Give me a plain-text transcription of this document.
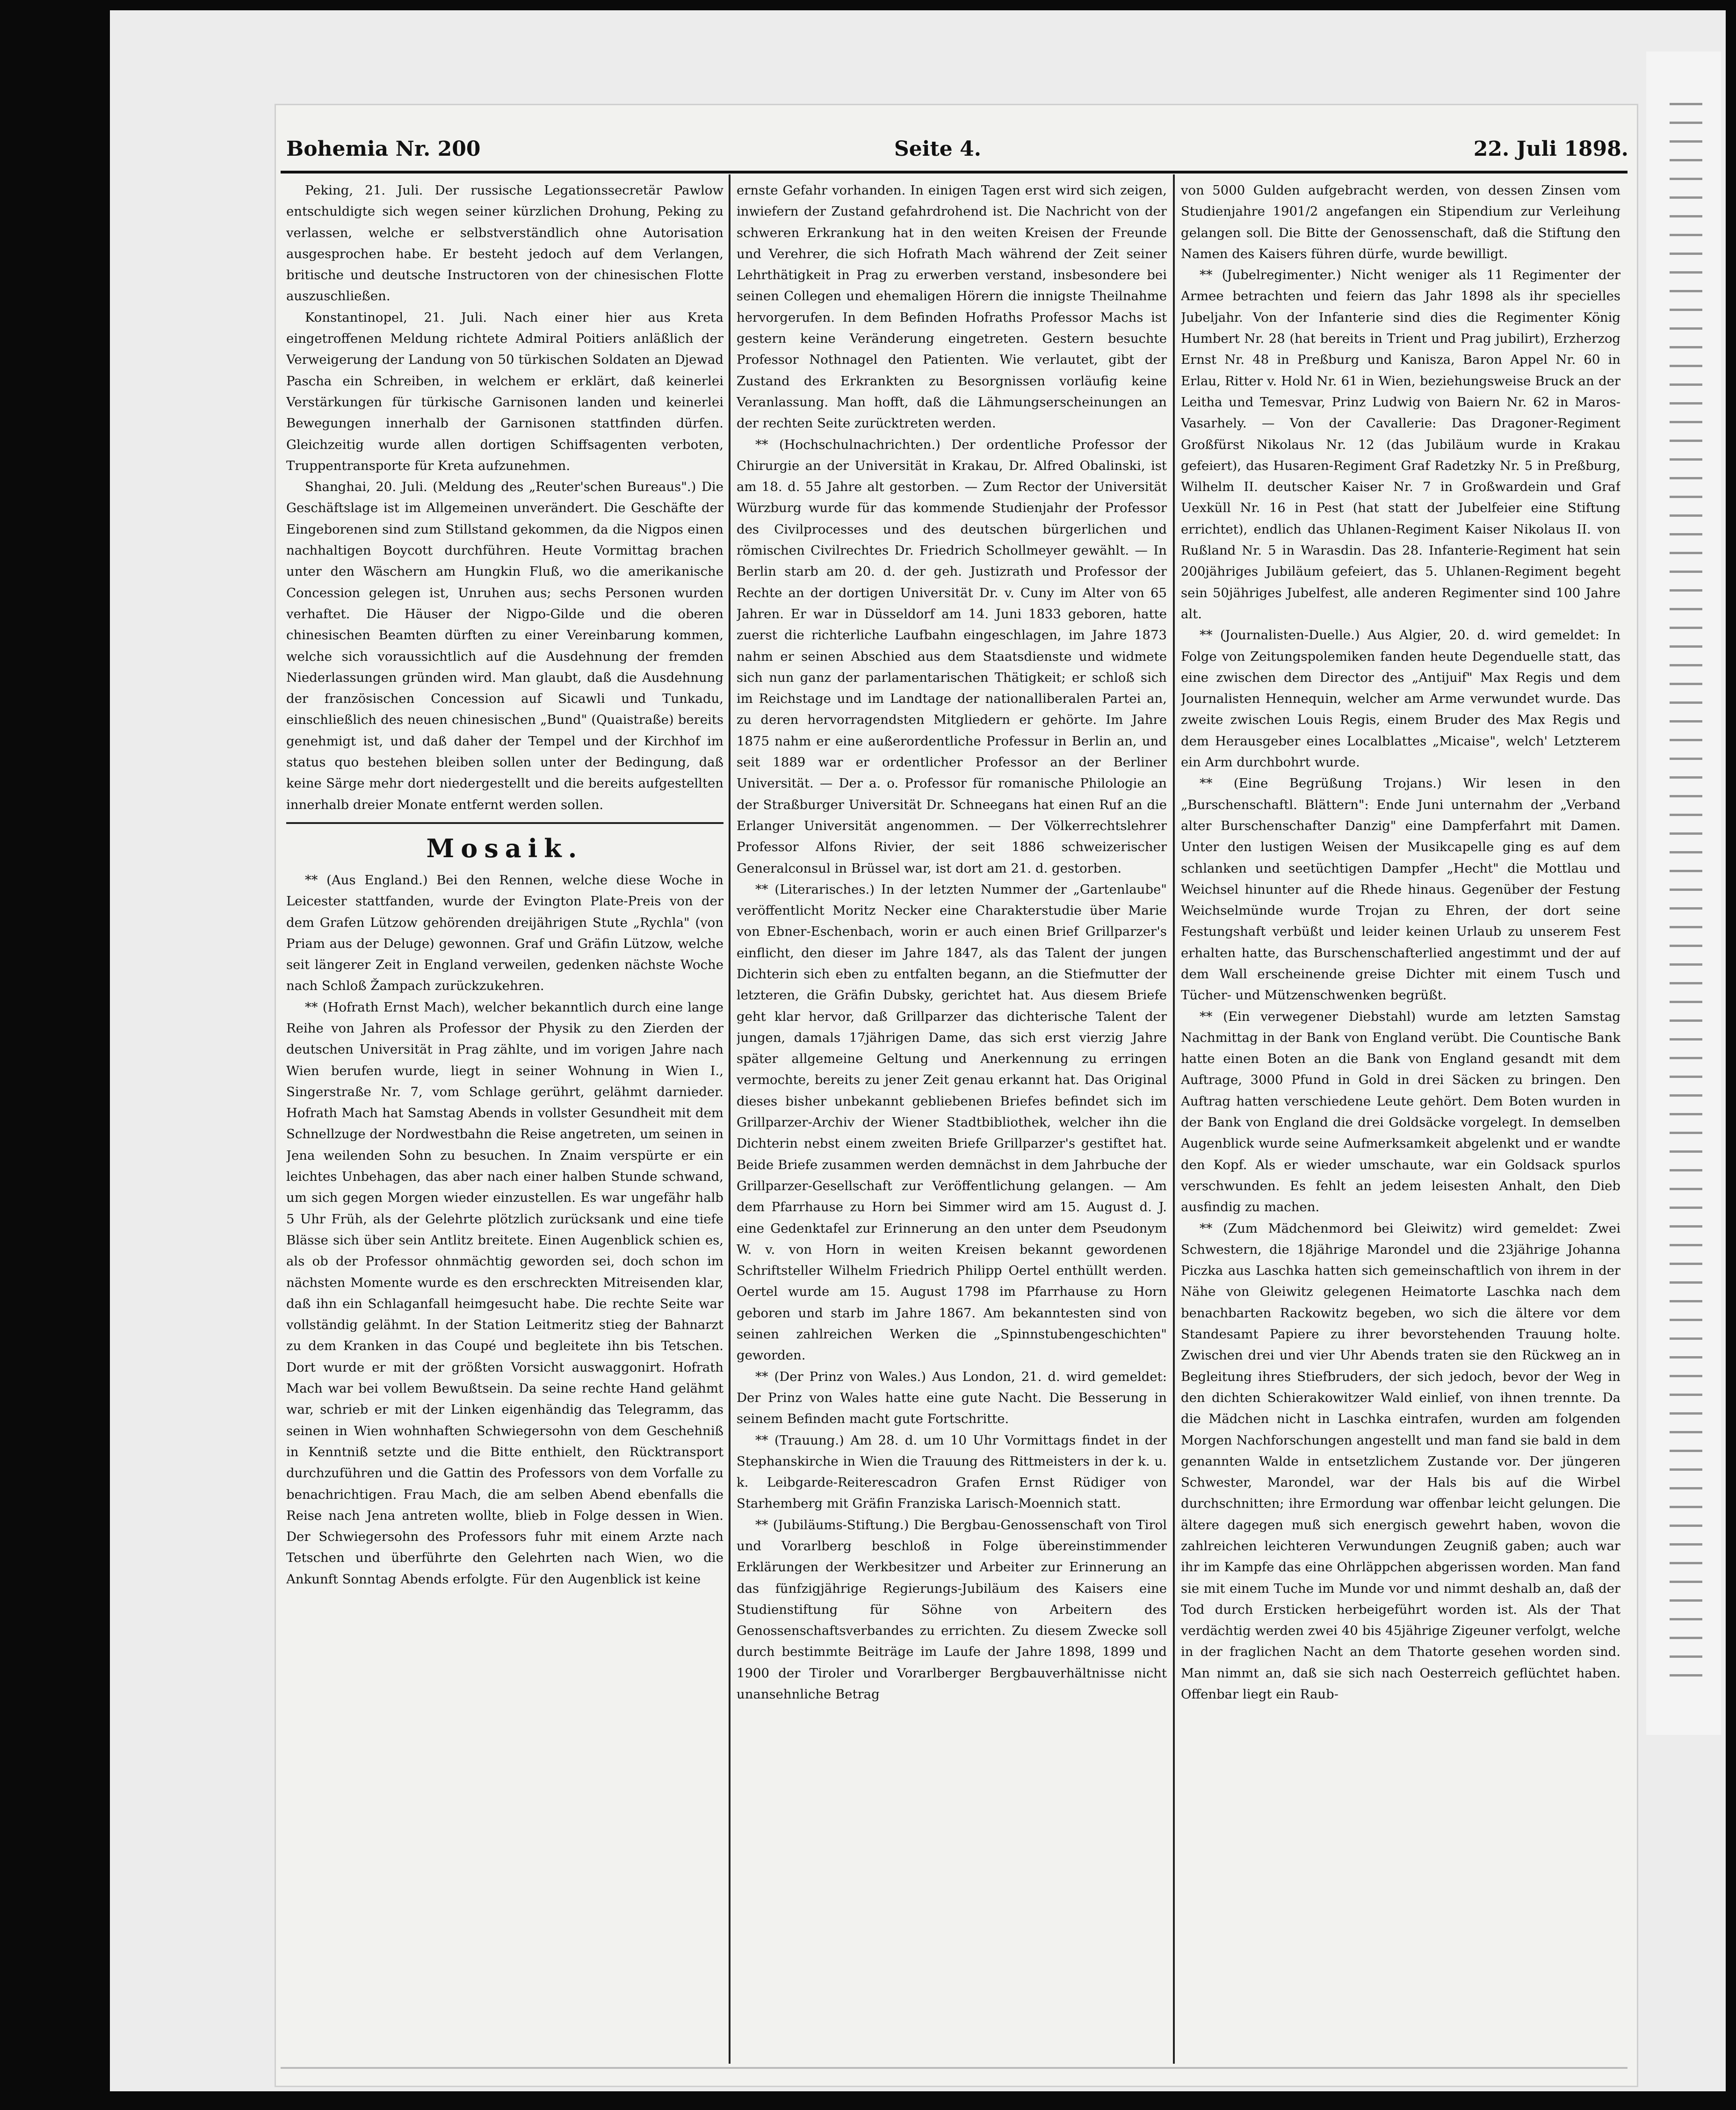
Bohemia Nr. 200	Seite 4.	22. Juli 1898.

Peking, 21. Juli. Der russische Legationssecretär Pawlow entschuldigte sich wegen seiner kürzlichen Drohung, Peking zu verlassen, welche er selbstverständlich ohne Autorisation ausgesprochen habe. Er besteht jedoch auf dem Verlangen, britische und deutsche Instructoren von der chinesischen Flotte auszuschließen.

Konstantinopel, 21. Juli. Nach einer hier aus Kreta eingetroffenen Meldung richtete Admiral Poitiers anläßlich der Verweigerung der Landung von 50 türkischen Soldaten an Djewad Pascha ein Schreiben, in welchem er erklärt, daß keinerlei Verstärkungen für türkische Garnisonen landen und keinerlei Bewegungen innerhalb der Garnisonen stattfinden dürfen. Gleichzeitig wurde allen dortigen Schiffsagenten verboten, Truppentransporte für Kreta aufzunehmen.

Shanghai, 20. Juli. (Meldung des „Reuter'schen Bureaus".) Die Geschäftslage ist im Allgemeinen unverändert. Die Geschäfte der Eingeborenen sind zum Stillstand gekommen, da die Nigpos einen nachhaltigen Boycott durchführen. Heute Vormittag brachen unter den Wäschern am Hungkin Fluß, wo die amerikanische Concession gelegen ist, Unruhen aus; sechs Personen wurden verhaftet. Die Häuser der Nigpo-Gilde und die oberen chinesischen Beamten dürften zu einer Vereinbarung kommen, welche sich voraussichtlich auf die Ausdehnung der fremden Niederlassungen gründen wird. Man glaubt, daß die Ausdehnung der französischen Concession auf Sicawli und Tunkadu, einschließlich des neuen chinesischen „Bund" (Quaistraße) bereits genehmigt ist, und daß daher der Tempel und der Kirchhof im status quo bestehen bleiben sollen unter der Bedingung, daß keine Särge mehr dort niedergestellt und die bereits aufgestellten innerhalb dreier Monate entfernt werden sollen.

Mosaik.

** (Aus England.) Bei den Rennen, welche diese Woche in Leicester stattfanden, wurde der Evington Plate-Preis von der dem Grafen Lützow gehörenden dreijährigen Stute „Rychla" (von Priam aus der Deluge) gewonnen. Graf und Gräfin Lützow, welche seit längerer Zeit in England verweilen, gedenken nächste Woche nach Schloß Žampach zurückzukehren.

** (Hofrath Ernst Mach), welcher bekanntlich durch eine lange Reihe von Jahren als Professor der Physik zu den Zierden der deutschen Universität in Prag zählte, und im vorigen Jahre nach Wien berufen wurde, liegt in seiner Wohnung in Wien I., Singerstraße Nr. 7, vom Schlage gerührt, gelähmt darnieder. Hofrath Mach hat Samstag Abends in vollster Gesundheit mit dem Schnellzuge der Nordwestbahn die Reise angetreten, um seinen in Jena weilenden Sohn zu besuchen. In Znaim verspürte er ein leichtes Unbehagen, das aber nach einer halben Stunde schwand, um sich gegen Morgen wieder einzustellen. Es war ungefähr halb 5 Uhr Früh, als der Gelehrte plötzlich zurücksank und eine tiefe Blässe sich über sein Antlitz breitete. Einen Augenblick schien es, als ob der Professor ohnmächtig geworden sei, doch schon im nächsten Momente wurde es den erschreckten Mitreisenden klar, daß ihn ein Schlaganfall heimgesucht habe. Die rechte Seite war vollständig gelähmt. In der Station Leitmeritz stieg der Bahnarzt zu dem Kranken in das Coupé und begleitete ihn bis Tetschen. Dort wurde er mit der größten Vorsicht auswaggonirt. Hofrath Mach war bei vollem Bewußtsein. Da seine rechte Hand gelähmt war, schrieb er mit der Linken eigenhändig das Telegramm, das seinen in Wien wohnhaften Schwiegersohn von dem Geschehniß in Kenntniß setzte und die Bitte enthielt, den Rücktransport durchzuführen und die Gattin des Professors von dem Vorfalle zu benachrichtigen. Frau Mach, die am selben Abend ebenfalls die Reise nach Jena antreten wollte, blieb in Folge dessen in Wien. Der Schwiegersohn des Professors fuhr mit einem Arzte nach Tetschen und überführte den Gelehrten nach Wien, wo die Ankunft Sonntag Abends erfolgte. Für den Augenblick ist keine

ernste Gefahr vorhanden. In einigen Tagen erst wird sich zeigen, inwiefern der Zustand gefahrdrohend ist. Die Nachricht von der schweren Erkrankung hat in den weiten Kreisen der Freunde und Verehrer, die sich Hofrath Mach während der Zeit seiner Lehrthätigkeit in Prag zu erwerben verstand, insbesondere bei seinen Collegen und ehemaligen Hörern die innigste Theilnahme hervorgerufen. In dem Befinden Hofraths Professor Machs ist gestern keine Veränderung eingetreten. Gestern besuchte Professor Nothnagel den Patienten. Wie verlautet, gibt der Zustand des Erkrankten zu Besorgnissen vorläufig keine Veranlassung. Man hofft, daß die Lähmungserscheinungen an der rechten Seite zurücktreten werden.

** (Hochschulnachrichten.) Der ordentliche Professor der Chirurgie an der Universität in Krakau, Dr. Alfred Obalinski, ist am 18. d. 55 Jahre alt gestorben. — Zum Rector der Universität Würzburg wurde für das kommende Studienjahr der Professor des Civilprocesses und des deutschen bürgerlichen und römischen Civilrechtes Dr. Friedrich Schollmeyer gewählt. — In Berlin starb am 20. d. der geh. Justizrath und Professor der Rechte an der dortigen Universität Dr. v. Cuny im Alter von 65 Jahren. Er war in Düsseldorf am 14. Juni 1833 geboren, hatte zuerst die richterliche Laufbahn eingeschlagen, im Jahre 1873 nahm er seinen Abschied aus dem Staatsdienste und widmete sich nun ganz der parlamentarischen Thätigkeit; er schloß sich im Reichstage und im Landtage der nationalliberalen Partei an, zu deren hervorragendsten Mitgliedern er gehörte. Im Jahre 1875 nahm er eine außerordentliche Professur in Berlin an, und seit 1889 war er ordentlicher Professor an der Berliner Universität. — Der a. o. Professor für romanische Philologie an der Straßburger Universität Dr. Schneegans hat einen Ruf an die Erlanger Universität angenommen. — Der Völkerrechtslehrer Professor Alfons Rivier, der seit 1886 schweizerischer Generalconsul in Brüssel war, ist dort am 21. d. gestorben.

** (Literarisches.) In der letzten Nummer der „Gartenlaube" veröffentlicht Moritz Necker eine Charakterstudie über Marie von Ebner-Eschenbach, worin er auch einen Brief Grillparzer's einflicht, den dieser im Jahre 1847, als das Talent der jungen Dichterin sich eben zu entfalten begann, an die Stiefmutter der letzteren, die Gräfin Dubsky, gerichtet hat. Aus diesem Briefe geht klar hervor, daß Grillparzer das dichterische Talent der jungen, damals 17jährigen Dame, das sich erst vierzig Jahre später allgemeine Geltung und Anerkennung zu erringen vermochte, bereits zu jener Zeit genau erkannt hat. Das Original dieses bisher unbekannt gebliebenen Briefes befindet sich im Grillparzer-Archiv der Wiener Stadtbibliothek, welcher ihn die Dichterin nebst einem zweiten Briefe Grillparzer's gestiftet hat. Beide Briefe zusammen werden demnächst in dem Jahrbuche der Grillparzer-Gesellschaft zur Veröffentlichung gelangen. — Am dem Pfarrhause zu Horn bei Simmer wird am 15. August d. J. eine Gedenktafel zur Erinnerung an den unter dem Pseudonym W. v. von Horn in weiten Kreisen bekannt gewordenen Schriftsteller Wilhelm Friedrich Philipp Oertel enthüllt werden. Oertel wurde am 15. August 1798 im Pfarrhause zu Horn geboren und starb im Jahre 1867. Am bekanntesten sind von seinen zahlreichen Werken die „Spinnstubengeschichten" geworden.

** (Der Prinz von Wales.) Aus London, 21. d. wird gemeldet: Der Prinz von Wales hatte eine gute Nacht. Die Besserung in seinem Befinden macht gute Fortschritte.

** (Trauung.) Am 28. d. um 10 Uhr Vormittags findet in der Stephanskirche in Wien die Trauung des Rittmeisters in der k. u. k. Leibgarde-Reiterescadron Grafen Ernst Rüdiger von Starhemberg mit Gräfin Franziska Larisch-Moennich statt.

** (Jubiläums-Stiftung.) Die Bergbau-Genossenschaft von Tirol und Vorarlberg beschloß in Folge übereinstimmender Erklärungen der Werkbesitzer und Arbeiter zur Erinnerung an das fünfzigjährige Regierungs-Jubiläum des Kaisers eine Studienstiftung für Söhne von Arbeitern des Genossenschaftsverbandes zu errichten. Zu diesem Zwecke soll durch bestimmte Beiträge im Laufe der Jahre 1898, 1899 und 1900 der Tiroler und Vorarlberger Bergbauverhältnisse nicht unansehnliche Betrag

von 5000 Gulden aufgebracht werden, von dessen Zinsen vom Studienjahre 1901/2 angefangen ein Stipendium zur Verleihung gelangen soll. Die Bitte der Genossenschaft, daß die Stiftung den Namen des Kaisers führen dürfe, wurde bewilligt.

** (Jubelregimenter.) Nicht weniger als 11 Regimenter der Armee betrachten und feiern das Jahr 1898 als ihr specielles Jubeljahr. Von der Infanterie sind dies die Regimenter König Humbert Nr. 28 (hat bereits in Trient und Prag jubilirt), Erzherzog Ernst Nr. 48 in Preßburg und Kanisza, Baron Appel Nr. 60 in Erlau, Ritter v. Hold Nr. 61 in Wien, beziehungsweise Bruck an der Leitha und Temesvar, Prinz Ludwig von Baiern Nr. 62 in Maros-Vasarhely. — Von der Cavallerie: Das Dragoner-Regiment Großfürst Nikolaus Nr. 12 (das Jubiläum wurde in Krakau gefeiert), das Husaren-Regiment Graf Radetzky Nr. 5 in Preßburg, Wilhelm II. deutscher Kaiser Nr. 7 in Großwardein und Graf Uexküll Nr. 16 in Pest (hat statt der Jubelfeier eine Stiftung errichtet), endlich das Uhlanen-Regiment Kaiser Nikolaus II. von Rußland Nr. 5 in Warasdin. Das 28. Infanterie-Regiment hat sein 200jähriges Jubiläum gefeiert, das 5. Uhlanen-Regiment begeht sein 50jähriges Jubelfest, alle anderen Regimenter sind 100 Jahre alt.

** (Journalisten-Duelle.) Aus Algier, 20. d. wird gemeldet: In Folge von Zeitungspolemiken fanden heute Degenduelle statt, das eine zwischen dem Director des „Antijuif" Max Regis und dem Journalisten Hennequin, welcher am Arme verwundet wurde. Das zweite zwischen Louis Regis, einem Bruder des Max Regis und dem Herausgeber eines Localblattes „Micaise", welch' Letzterem ein Arm durchbohrt wurde.

** (Eine Begrüßung Trojans.) Wir lesen in den „Burschenschaftl. Blättern": Ende Juni unternahm der „Verband alter Burschenschafter Danzig" eine Dampferfahrt mit Damen. Unter den lustigen Weisen der Musikcapelle ging es auf dem schlanken und seetüchtigen Dampfer „Hecht" die Mottlau und Weichsel hinunter auf die Rhede hinaus. Gegenüber der Festung Weichselmünde wurde Trojan zu Ehren, der dort seine Festungshaft verbüßt und leider keinen Urlaub zu unserem Fest erhalten hatte, das Burschenschafterlied angestimmt und der auf dem Wall erscheinende greise Dichter mit einem Tusch und Tücher- und Mützenschwenken begrüßt.

** (Ein verwegener Diebstahl) wurde am letzten Samstag Nachmittag in der Bank von England verübt. Die Countische Bank hatte einen Boten an die Bank von England gesandt mit dem Auftrage, 3000 Pfund in Gold in drei Säcken zu bringen. Den Auftrag hatten verschiedene Leute gehört. Dem Boten wurden in der Bank von England die drei Goldsäcke vorgelegt. In demselben Augenblick wurde seine Aufmerksamkeit abgelenkt und er wandte den Kopf. Als er wieder umschaute, war ein Goldsack spurlos verschwunden. Es fehlt an jedem leisesten Anhalt, den Dieb ausfindig zu machen.

** (Zum Mädchenmord bei Gleiwitz) wird gemeldet: Zwei Schwestern, die 18jährige Marondel und die 23jährige Johanna Piczka aus Laschka hatten sich gemeinschaftlich von ihrem in der Nähe von Gleiwitz gelegenen Heimatorte Laschka nach dem benachbarten Rackowitz begeben, wo sich die ältere vor dem Standesamt Papiere zu ihrer bevorstehenden Trauung holte. Zwischen drei und vier Uhr Abends traten sie den Rückweg an in Begleitung ihres Stiefbruders, der sich jedoch, bevor der Weg in den dichten Schierakowitzer Wald einlief, von ihnen trennte. Da die Mädchen nicht in Laschka eintrafen, wurden am folgenden Morgen Nachforschungen angestellt und man fand sie bald in dem genannten Walde in entsetzlichem Zustande vor. Der jüngeren Schwester, Marondel, war der Hals bis auf die Wirbel durchschnitten; ihre Ermordung war offenbar leicht gelungen. Die ältere dagegen muß sich energisch gewehrt haben, wovon die zahlreichen leichteren Verwundungen Zeugniß gaben; auch war ihr im Kampfe das eine Ohrläppchen abgerissen worden. Man fand sie mit einem Tuche im Munde vor und nimmt deshalb an, daß der Tod durch Ersticken herbeigeführt worden ist. Als der That verdächtig werden zwei 40 bis 45jährige Zigeuner verfolgt, welche in der fraglichen Nacht an dem Thatorte gesehen worden sind. Man nimmt an, daß sie sich nach Oesterreich geflüchtet haben. Offenbar liegt ein Raub-
